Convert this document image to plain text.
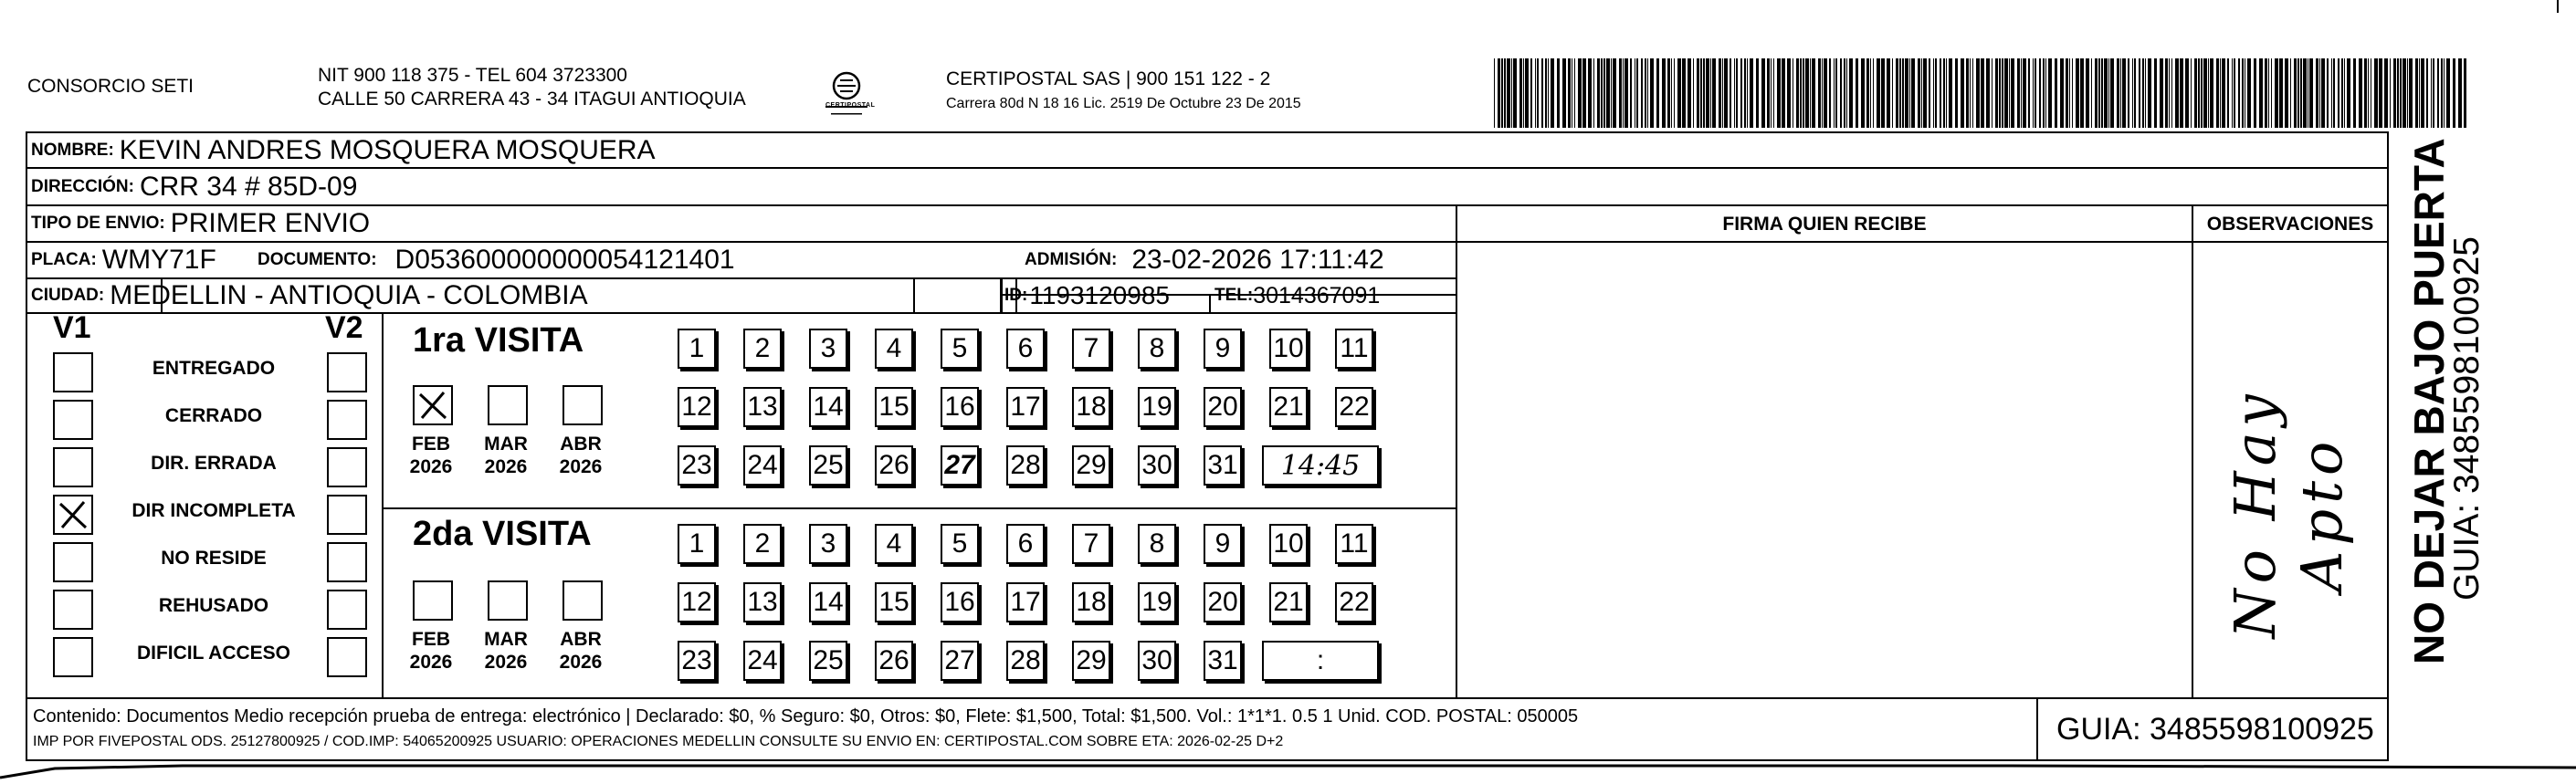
CONSORCIO SETI
NIT 900 118 375 - TEL 604 3723300
CALLE 50 CARRERA 43 - 34 ITAGUI ANTIOQUIA	CERTIPOSTAL
CERTIPOSTAL SAS | 900 151 122 - 2
Carrera 80d N 18 16 Lic. 2519 De Octubre 23 De 2015
NOMBRE: KEVIN ANDRES MOSQUERA MOSQUERA
DIRECCIÓN: CRR 34 # 85D-09
TIPO DE ENVIO: PRIMER ENVIO
PLACA: WMY71F DOCUMENTO: D053600000000054121401	ADMISIÓN: 23-02-2026 17:11:42
CIUDAD: MEDELLIN - ANTIOQUIA - COLOMBIA	ID: 1193120985	TEL: 3014367091
FIRMA QUIEN RECIBE	OBSERVACIONES
No Hay Apto
V1	V2
ENTREGADO
CERRADO
DIR. ERRADA
DIR INCOMPLETA
NO RESIDE
REHUSADO
DIFICIL ACCESO
1ra VISITA
FEB
2026
MAR
2026
ABR
2026
1	2	3	4	5	6	7	8	9	10 11
12 13 14 15 16 17 18 19 20 21 22
23 24 25 26 27 28 29 30 31	14:45
2da VISITA
FEB
2026
MAR
2026
ABR
2026
1	2	3	4	5	6	7	8	9	10 11
12 13 14 15 16 17 18 19 20 21 22
23 24 25 26 27 28 29 30 31	:	NO DEJAR BAJO PUERTA
GUIA: 3485598100925
Contenido: Documentos Medio recepción prueba de entrega: electrónico | Declarado: $0, % Seguro: $0, Otros: $0, Flete: $1,500, Total: $1,500. Vol.: 1*1*1. 0.5 1 Unid. COD. POSTAL: 050005
IMP POR FIVEPOSTAL ODS. 25127800925 / COD.IMP: 54065200925 USUARIO: OPERACIONES MEDELLIN CONSULTE SU ENVIO EN: CERTIPOSTAL.COM SOBRE ETA: 2026-02-25 D+2	GUIA: 3485598100925
